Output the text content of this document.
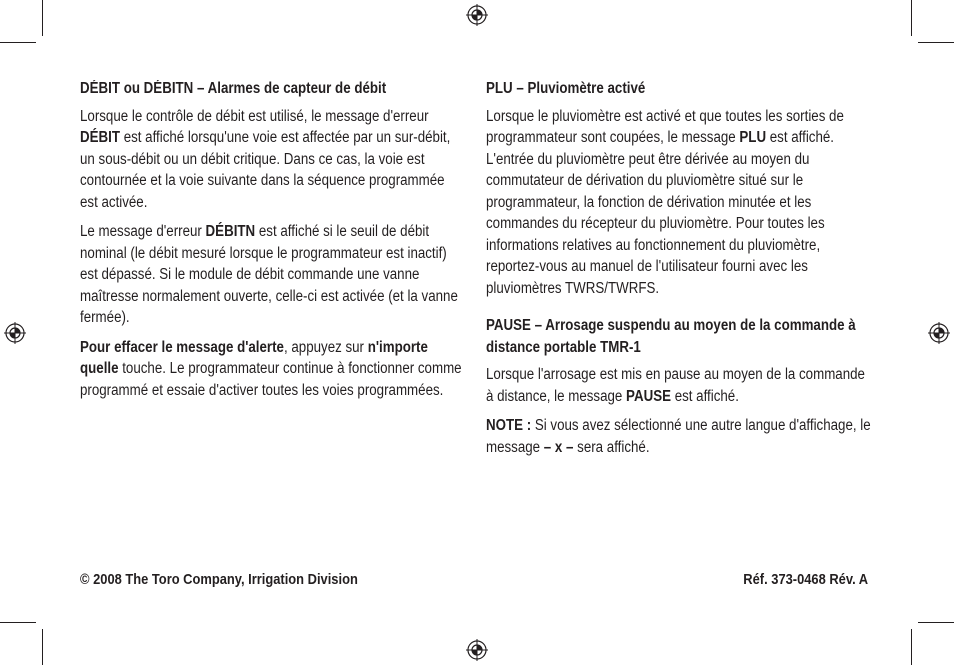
DÉBIT ou DÉBITN – Alarmes de capteur de débit

Lorsque le contrôle de débit est utilisé, le message d'erreur DÉBIT est affiché lorsqu'une voie est affectée par un sur-débit, un sous-débit ou un débit critique. Dans ce cas, la voie est contournée et la voie suivante dans la séquence programmée est activée.

Le message d'erreur DÉBITN est affiché si le seuil de débit nominal (le débit mesuré lorsque le programmateur est inactif) est dépassé. Si le module de débit commande une vanne maîtresse normalement ouverte, celle-ci est activée (et la vanne fermée).

Pour effacer le message d'alerte, appuyez sur n'importe quelle touche. Le programmateur continue à fonctionner comme programmé et essaie d'activer toutes les voies programmées.

PLU – Pluviomètre activé

Lorsque le pluviomètre est activé et que toutes les sorties de programmateur sont coupées, le message PLU est affiché. L'entrée du pluviomètre peut être dérivée au moyen du commutateur de dérivation du pluviomètre situé sur le programmateur, la fonction de dérivation minutée et les commandes du récepteur du pluviomètre. Pour toutes les informations relatives au fonctionnement du pluviomètre, reportez-vous au manuel de l'utilisateur fourni avec les pluviomètres TWRS/TWRFS.

PAUSE – Arrosage suspendu au moyen de la commande à distance portable TMR-1

Lorsque l'arrosage est mis en pause au moyen de la commande à distance, le message PAUSE est affiché.

NOTE : Si vous avez sélectionné une autre langue d'affichage, le message – x – sera affiché.

© 2008 The Toro Company, Irrigation Division	Réf. 373-0468 Rév. A
